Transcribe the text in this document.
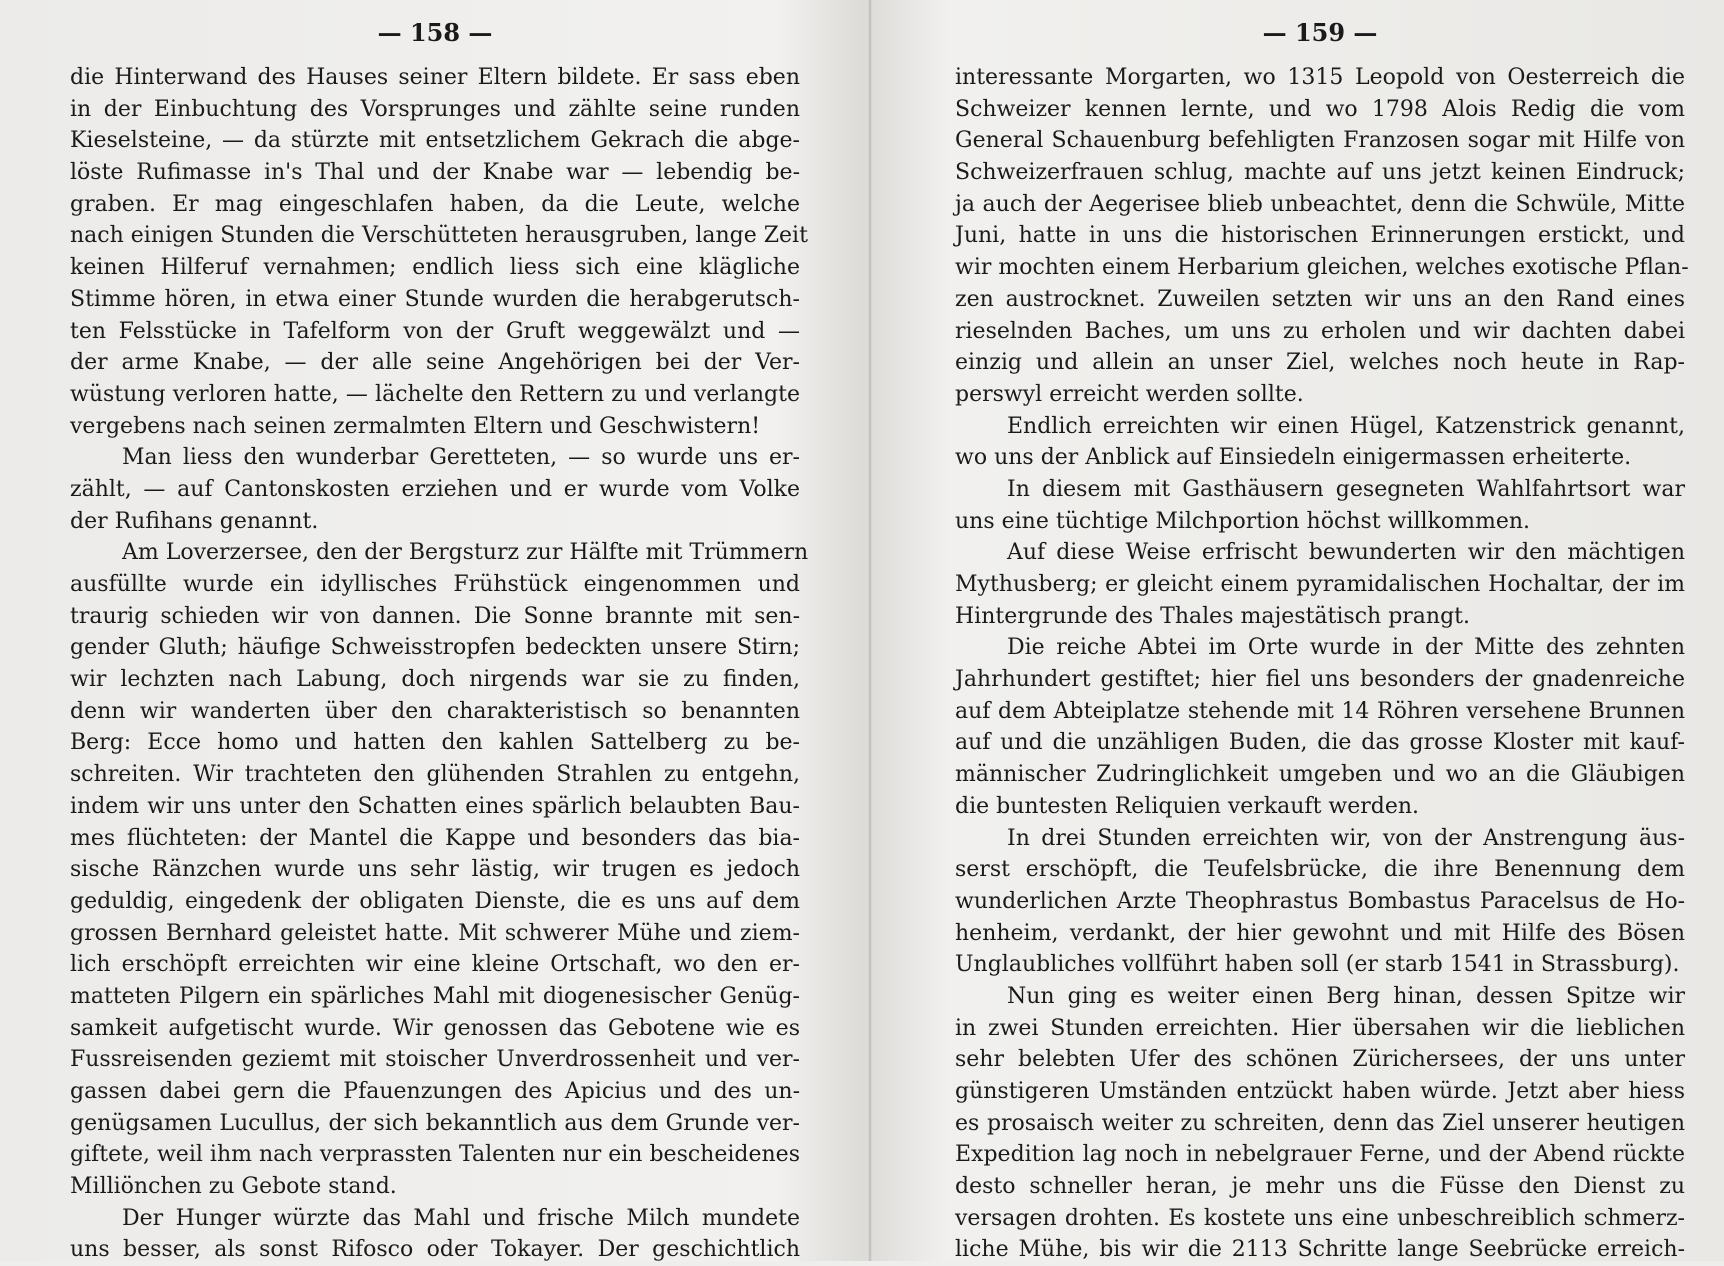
— 158 —
die Hinterwand des Hauses seiner Eltern bildete. Er sass eben
in der Einbuchtung des Vorsprunges und zählte seine runden
Kieselsteine, — da stürzte mit entsetzlichem Gekrach die abge-
löste Rufimasse in's Thal und der Knabe war — lebendig be-
graben. Er mag eingeschlafen haben, da die Leute, welche
nach einigen Stunden die Verschütteten herausgruben, lange Zeit
keinen Hilferuf vernahmen; endlich liess sich eine klägliche
Stimme hören, in etwa einer Stunde wurden die herabgerutsch-
ten Felsstücke in Tafelform von der Gruft weggewälzt und —
der arme Knabe, — der alle seine Angehörigen bei der Ver-
wüstung verloren hatte, — lächelte den Rettern zu und verlangte
vergebens nach seinen zermalmten Eltern und Geschwistern!
Man liess den wunderbar Geretteten, — so wurde uns er-
zählt, — auf Cantonskosten erziehen und er wurde vom Volke
der Rufihans genannt.
Am Loverzersee, den der Bergsturz zur Hälfte mit Trümmern
ausfüllte wurde ein idyllisches Frühstück eingenommen und
traurig schieden wir von dannen. Die Sonne brannte mit sen-
gender Gluth; häufige Schweisstropfen bedeckten unsere Stirn;
wir lechzten nach Labung, doch nirgends war sie zu finden,
denn wir wanderten über den charakteristisch so benannten
Berg: Ecce homo und hatten den kahlen Sattelberg zu be-
schreiten. Wir trachteten den glühenden Strahlen zu entgehn,
indem wir uns unter den Schatten eines spärlich belaubten Bau-
mes flüchteten: der Mantel die Kappe und besonders das bia-
sische Ränzchen wurde uns sehr lästig, wir trugen es jedoch
geduldig, eingedenk der obligaten Dienste, die es uns auf dem
grossen Bernhard geleistet hatte. Mit schwerer Mühe und ziem-
lich erschöpft erreichten wir eine kleine Ortschaft, wo den er-
matteten Pilgern ein spärliches Mahl mit diogenesischer Genüg-
samkeit aufgetischt wurde. Wir genossen das Gebotene wie es
Fussreisenden geziemt mit stoischer Unverdrossenheit und ver-
gassen dabei gern die Pfauenzungen des Apicius und des un-
genügsamen Lucullus, der sich bekanntlich aus dem Grunde ver-
giftete, weil ihm nach verprassten Talenten nur ein bescheidenes
Milliönchen zu Gebote stand.
Der Hunger würzte das Mahl und frische Milch mundete
uns besser, als sonst Rifosco oder Tokayer. Der geschichtlich
— 159 —
interessante Morgarten, wo 1315 Leopold von Oesterreich die
Schweizer kennen lernte, und wo 1798 Alois Redig die vom
General Schauenburg befehligten Franzosen sogar mit Hilfe von
Schweizerfrauen schlug, machte auf uns jetzt keinen Eindruck;
ja auch der Aegerisee blieb unbeachtet, denn die Schwüle, Mitte
Juni, hatte in uns die historischen Erinnerungen erstickt, und
wir mochten einem Herbarium gleichen, welches exotische Pflan-
zen austrocknet. Zuweilen setzten wir uns an den Rand eines
rieselnden Baches, um uns zu erholen und wir dachten dabei
einzig und allein an unser Ziel, welches noch heute in Rap-
perswyl erreicht werden sollte.
Endlich erreichten wir einen Hügel, Katzenstrick genannt,
wo uns der Anblick auf Einsiedeln einigermassen erheiterte.
In diesem mit Gasthäusern gesegneten Wahlfahrtsort war
uns eine tüchtige Milchportion höchst willkommen.
Auf diese Weise erfrischt bewunderten wir den mächtigen
Mythusberg; er gleicht einem pyramidalischen Hochaltar, der im
Hintergrunde des Thales majestätisch prangt.
Die reiche Abtei im Orte wurde in der Mitte des zehnten
Jahrhundert gestiftet; hier fiel uns besonders der gnadenreiche
auf dem Abteiplatze stehende mit 14 Röhren versehene Brunnen
auf und die unzähligen Buden, die das grosse Kloster mit kauf-
männischer Zudringlichkeit umgeben und wo an die Gläubigen
die buntesten Reliquien verkauft werden.
In drei Stunden erreichten wir, von der Anstrengung äus-
serst erschöpft, die Teufelsbrücke, die ihre Benennung dem
wunderlichen Arzte Theophrastus Bombastus Paracelsus de Ho-
henheim, verdankt, der hier gewohnt und mit Hilfe des Bösen
Unglaubliches vollführt haben soll (er starb 1541 in Strassburg).
Nun ging es weiter einen Berg hinan, dessen Spitze wir
in zwei Stunden erreichten. Hier übersahen wir die lieblichen
sehr belebten Ufer des schönen Zürichersees, der uns unter
günstigeren Umständen entzückt haben würde. Jetzt aber hiess
es prosaisch weiter zu schreiten, denn das Ziel unserer heutigen
Expedition lag noch in nebelgrauer Ferne, und der Abend rückte
desto schneller heran, je mehr uns die Füsse den Dienst zu
versagen drohten. Es kostete uns eine unbeschreiblich schmerz-
liche Mühe, bis wir die 2113 Schritte lange Seebrücke erreich-
